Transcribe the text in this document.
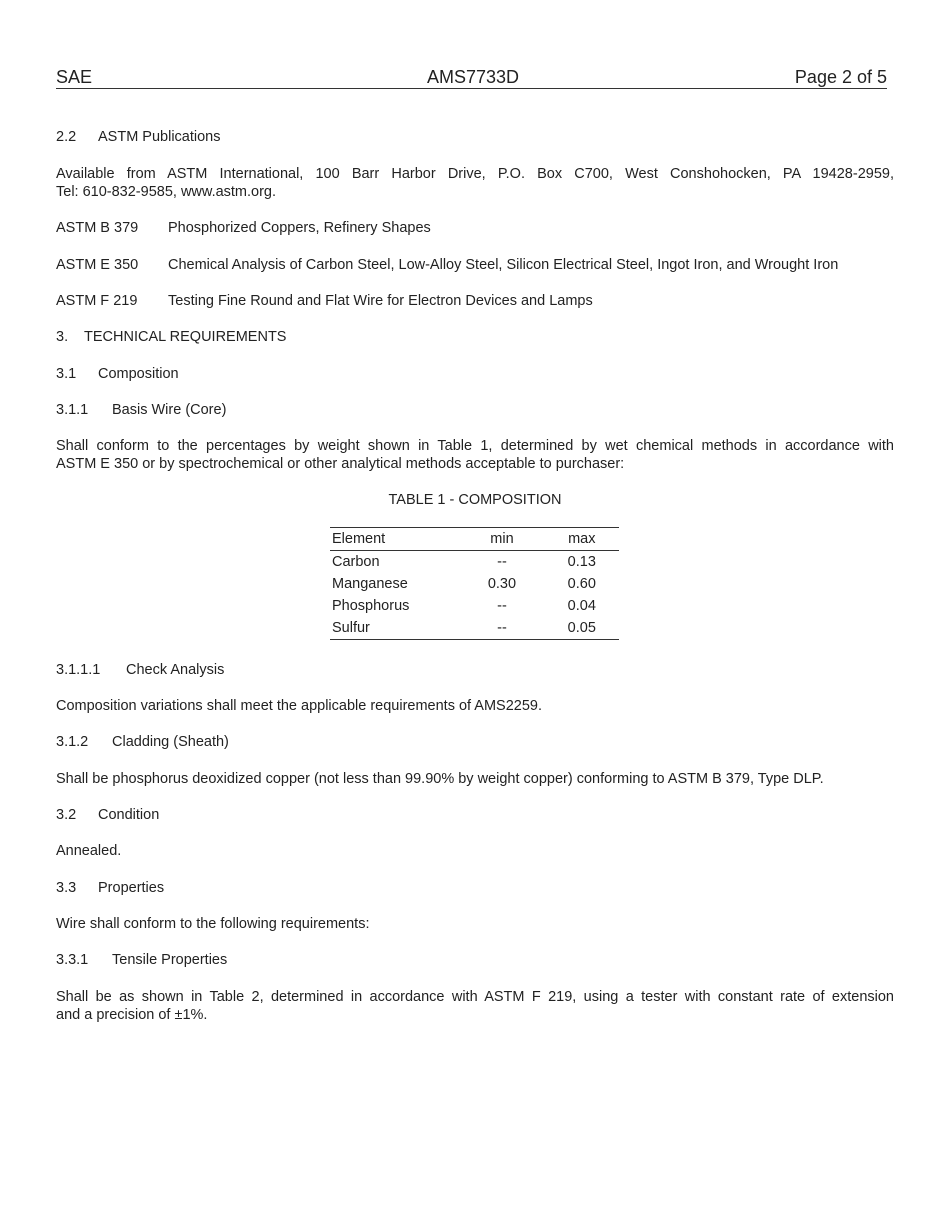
SAE	AMS7733D	Page 2 of 5
2.2 ASTM Publications
Available from ASTM International, 100 Barr Harbor Drive, P.O. Box C700, West Conshohocken, PA 19428-2959,
Tel: 610-832-9585, www.astm.org.
ASTM B 379 Phosphorized Coppers, Refinery Shapes
ASTM E 350 Chemical Analysis of Carbon Steel, Low-Alloy Steel, Silicon Electrical Steel, Ingot Iron, and Wrought Iron
ASTM F 219 Testing Fine Round and Flat Wire for Electron Devices and Lamps
3. TECHNICAL REQUIREMENTS
3.1 Composition
3.1.1 Basis Wire (Core)
Shall conform to the percentages by weight shown in Table 1, determined by wet chemical methods in accordance with
ASTM E 350 or by spectrochemical or other analytical methods acceptable to purchaser:
TABLE 1 - COMPOSITION
Element	min	max
Carbon	--	0.13
Manganese	0.30	0.60
Phosphorus	--	0.04
Sulfur	--	0.05
3.1.1.1 Check Analysis
Composition variations shall meet the applicable requirements of AMS2259.
3.1.2 Cladding (Sheath)
Shall be phosphorus deoxidized copper (not less than 99.90% by weight copper) conforming to ASTM B 379, Type DLP.
3.2 Condition
Annealed.
3.3 Properties
Wire shall conform to the following requirements:
3.3.1 Tensile Properties
Shall be as shown in Table 2, determined in accordance with ASTM F 219, using a tester with constant rate of extension
and a precision of ±1%.
